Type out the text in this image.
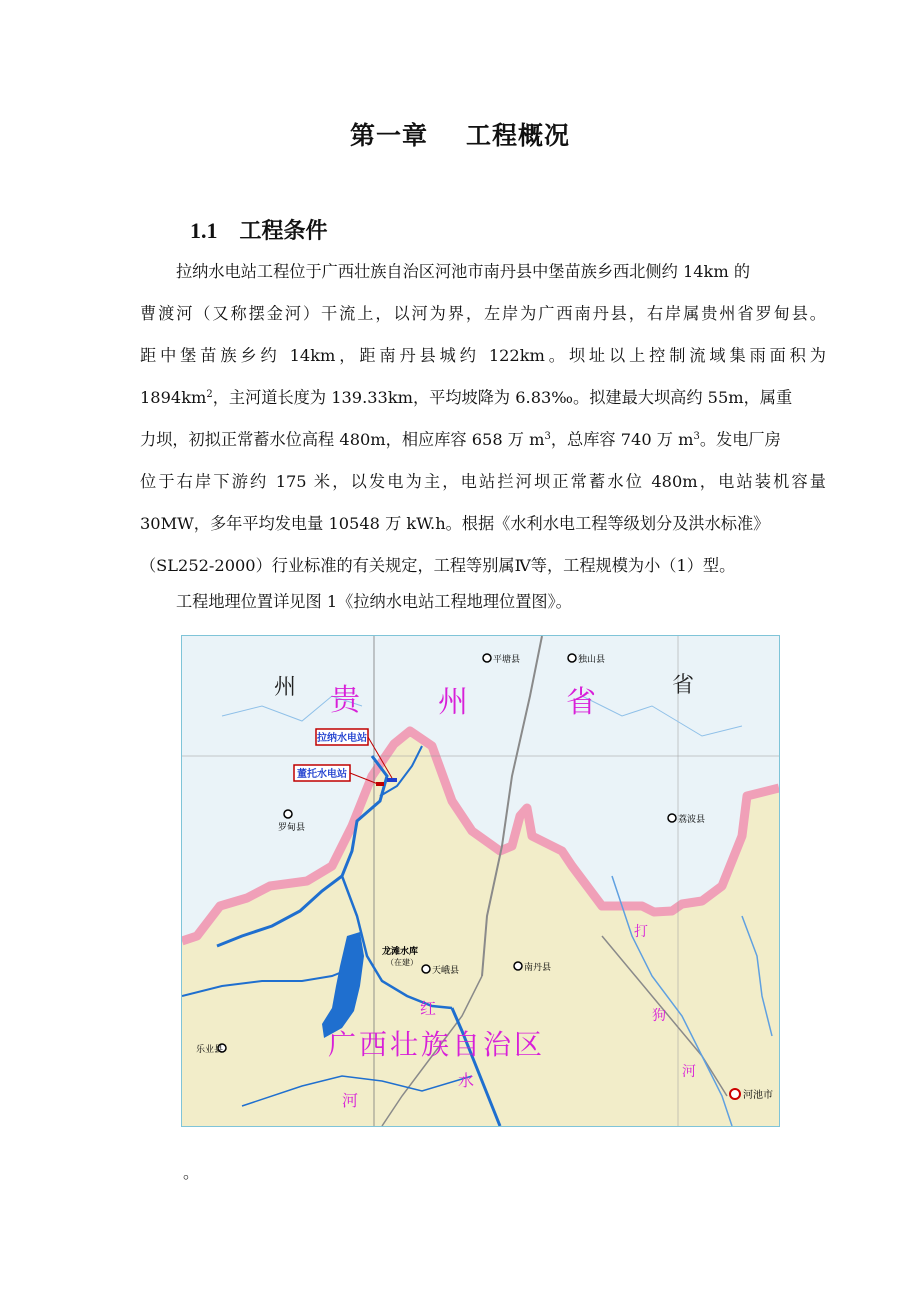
第一章 工程概况
1.1 工程条件
拉纳水电站工程位于广西壮族自治区河池市南丹县中堡苗族乡西北侧约 14km 的
曹渡河（又称摆金河）干流上，以河为界，左岸为广西南丹县，右岸属贵州省罗甸县。
距中堡苗族乡约 14km，距南丹县城约 122km。坝址以上控制流域集雨面积为
$1894km^2$，主河道长度为 139.33km，平均坡降为 6.83‰。拟建最大坝高约 55m，属重
力坝，初拟正常蓄水位高程 480m，相应库容 658 万 $m^3$，总库容 740 万 $m^3$。发电厂房
位于右岸下游约 175 米，以发电为主，电站拦河坝正常蓄水位 480m，电站装机容量
30MW，多年平均发电量 10548 万 kW.h。根据《水利水电工程等级划分及洪水标准》
（SL252-2000）行业标准的有关规定，工程等别属Ⅳ等，工程规模为小（1）型。
工程地理位置详见图 1《拉纳水电站工程地理位置图》。
拉纳水电站
董托水电站
州 贵	州	省	省
广西壮族自治区
平塘县	独山县
罗甸县
荔波县
龙滩水库
（在建）
天峨县	南丹县
乐业县
河池市
红
水
河
打
狗
河
。
